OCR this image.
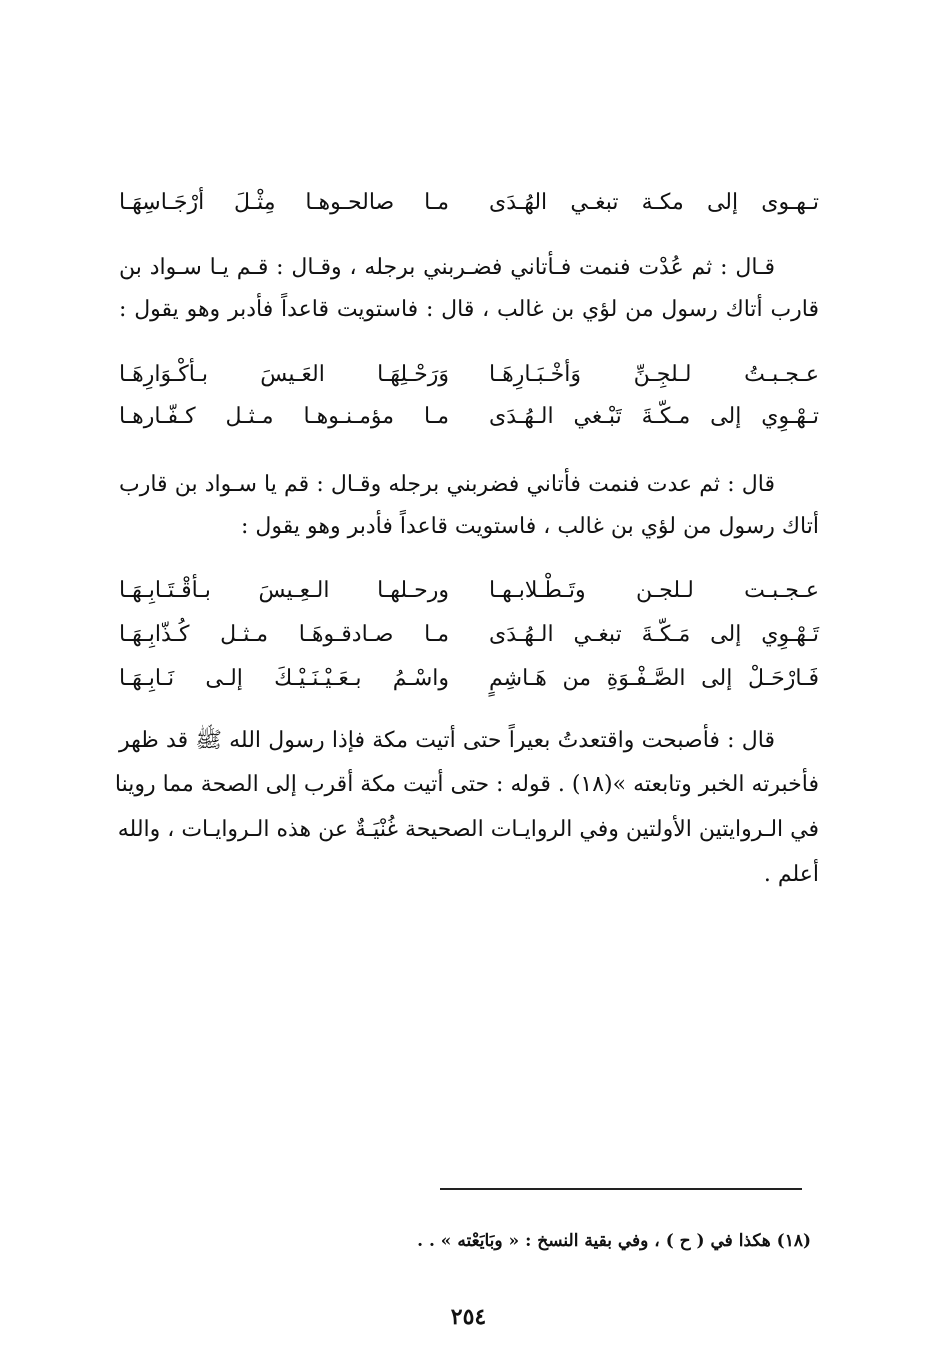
تـهـوى إلى مكـة تبغـي الهُـدَى
مـا صالحـوهـا مِثْـلَ أرْجَـاسِهَـا
قـال : ثم عُدْت فنمت فـأتاني فضـربني برجله ، وقـال : قـم يـا سـواد بن
قارب أتاك رسول من لؤي بن غالب ، قال : فاستويت قاعداً فأدبر وهو يقول :
عـجـبـتُ لـلجِـنِّ وَأخْـبَـارِهَـا
وَرَحْـلِهَـا العَـيسَ بـأكْـوَارِهَـا
تـهْـوِي إلى مـكّـةَ تَبْـغي الـهُـدَى
مـا مؤمـنـوهـا مـثـل كـفّـارهـا
قال : ثم عدت فنمت فأتاني فضربني برجله وقـال : قم يا سـواد بن قارب
أتاك رسول من لؤي بن غالب ، فاستويت قاعداً فأدبر وهو يقول :
عـجـبـت لـلجـن وتَـطْـلابـهـا
ورحـلهـا الـعِـيسَ بـأقْـتَـابِـهَـا
تَـهْـوِي إلى مَـكّـةَ تبغـي الـهُـدَى
مـا صـادقـوهَـا مـثـل كُـذّابِـهَـا
فَـارْحَـلْ إلى الصَّـفْـوَةِ من هَـاشِمٍ
واسْـمُ بـعَـيْـنَـيْـكَ إلـى نَـابِـهَـا
قال : فأصبحت واقتعدتُ بعيراً حتى أتيت مكة فإذا رسول الله ﷺ قد ظهر
فأخبرته الخبر وتابعته »(١٨) . قوله : حتى أتيت مكة أقرب إلى الصحة مما روينا
في الـروايتين الأولتين وفي الروايـات الصحيحة غُنْيَـةٌ عن هذه الـروايـات ، والله
أعلم .
(١٨) هكذا في ( ح ) ، وفي بقية النسخ : « وبَايَعْته » . .
٢٥٤
